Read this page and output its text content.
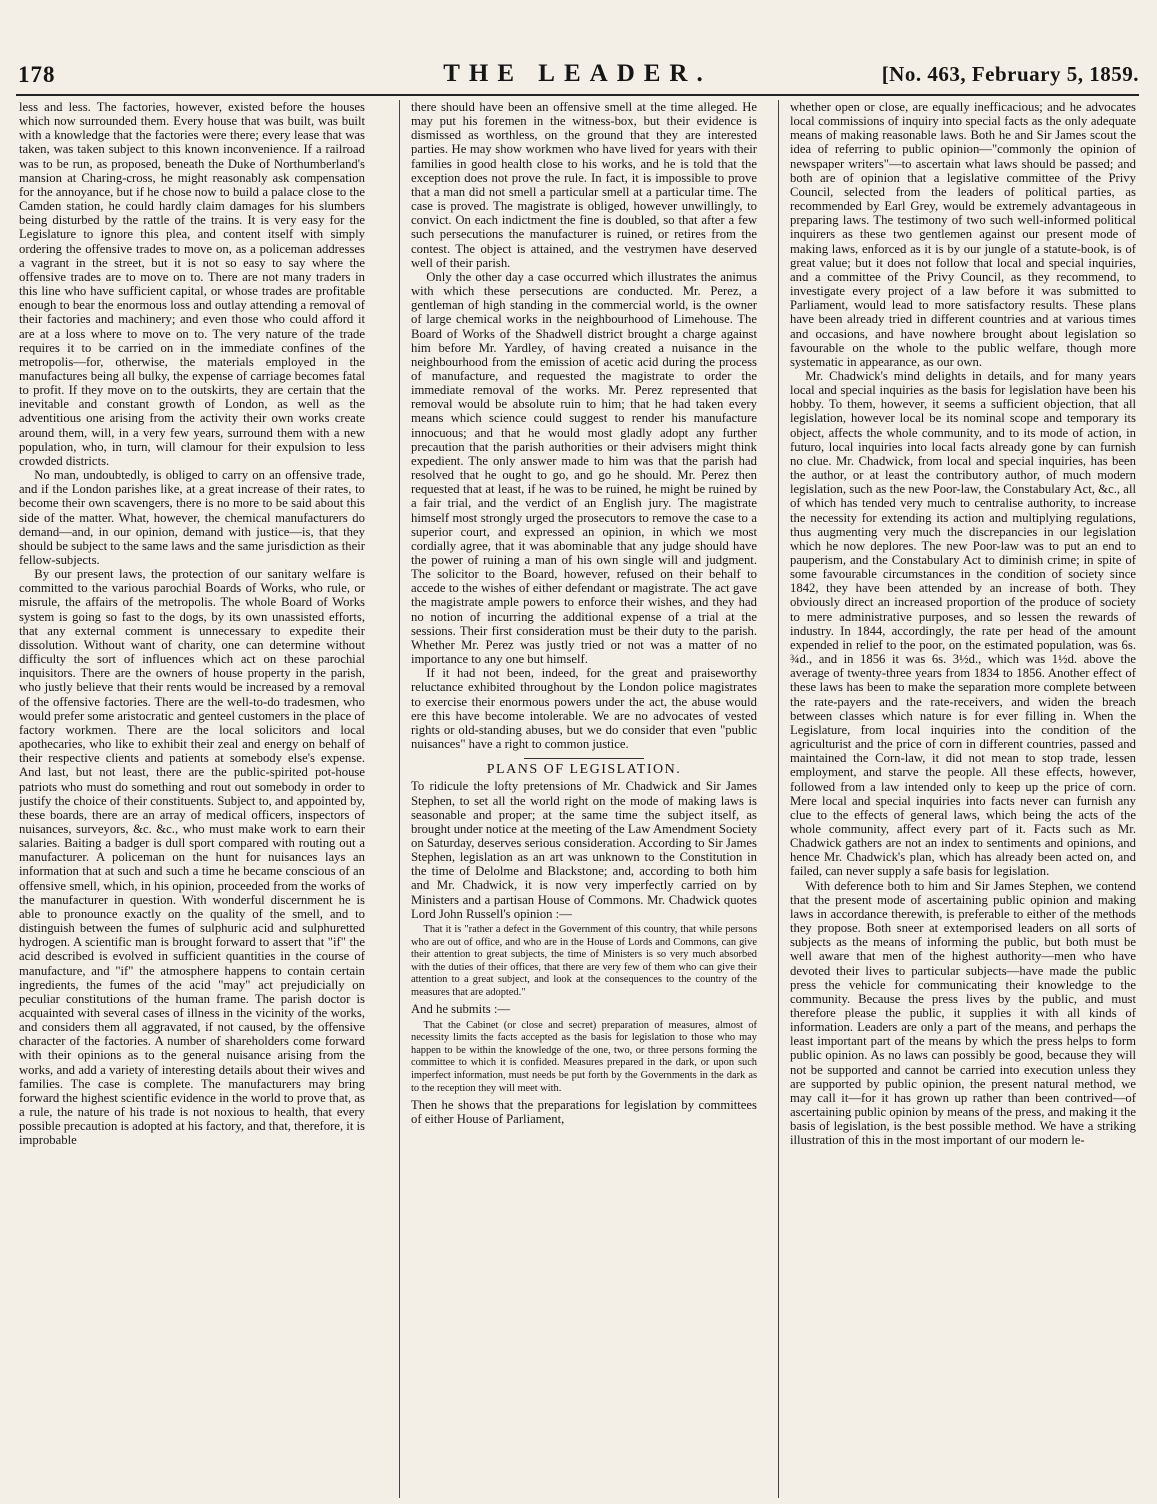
178	THE LEADER.	[No. 463, February 5, 1859.

less and less. The factories, however, existed before the houses which now surrounded them. Every house that was built, was built with a knowledge that the factories were there; every lease that was taken, was taken subject to this known inconvenience. If a railroad was to be run, as proposed, beneath the Duke of Northumberland's mansion at Charing-cross, he might reasonably ask compensation for the annoyance, but if he chose now to build a palace close to the Camden station, he could hardly claim damages for his slumbers being disturbed by the rattle of the trains. It is very easy for the Legislature to ignore this plea, and content itself with simply ordering the offensive trades to move on, as a policeman addresses a vagrant in the street, but it is not so easy to say where the offensive trades are to move on to. There are not many traders in this line who have sufficient capital, or whose trades are profitable enough to bear the enormous loss and outlay attending a removal of their factories and machinery; and even those who could afford it are at a loss where to move on to. The very nature of the trade requires it to be carried on in the immediate confines of the metropolis—for, otherwise, the materials employed in the manufactures being all bulky, the expense of carriage becomes fatal to profit. If they move on to the outskirts, they are certain that the inevitable and constant growth of London, as well as the adventitious one arising from the activity their own works create around them, will, in a very few years, surround them with a new population, who, in turn, will clamour for their expulsion to less crowded districts.

No man, undoubtedly, is obliged to carry on an offensive trade, and if the London parishes like, at a great increase of their rates, to become their own scavengers, there is no more to be said about this side of the matter. What, however, the chemical manufacturers do demand—and, in our opinion, demand with justice—is, that they should be subject to the same laws and the same jurisdiction as their fellow-subjects.

By our present laws, the protection of our sanitary welfare is committed to the various parochial Boards of Works, who rule, or misrule, the affairs of the metropolis. The whole Board of Works system is going so fast to the dogs, by its own unassisted efforts, that any external comment is unnecessary to expedite their dissolution. Without want of charity, one can determine without difficulty the sort of influences which act on these parochial inquisitors. There are the owners of house property in the parish, who justly believe that their rents would be increased by a removal of the offensive factories. There are the well-to-do tradesmen, who would prefer some aristocratic and genteel customers in the place of factory workmen. There are the local solicitors and local apothecaries, who like to exhibit their zeal and energy on behalf of their respective clients and patients at somebody else's expense. And last, but not least, there are the public-spirited pot-house patriots who must do something and rout out somebody in order to justify the choice of their constituents. Subject to, and appointed by, these boards, there are an array of medical officers, inspectors of nuisances, surveyors, &c. &c., who must make work to earn their salaries. Baiting a badger is dull sport compared with routing out a manufacturer. A policeman on the hunt for nuisances lays an information that at such and such a time he became conscious of an offensive smell, which, in his opinion, proceeded from the works of the manufacturer in question. With wonderful discernment he is able to pronounce exactly on the quality of the smell, and to distinguish between the fumes of sulphuric acid and sulphuretted hydrogen. A scientific man is brought forward to assert that "if" the acid described is evolved in sufficient quantities in the course of manufacture, and "if" the atmosphere happens to contain certain ingredients, the fumes of the acid "may" act prejudicially on peculiar constitutions of the human frame. The parish doctor is acquainted with several cases of illness in the vicinity of the works, and considers them all aggravated, if not caused, by the offensive character of the factories. A number of shareholders come forward with their opinions as to the general nuisance arising from the works, and add a variety of interesting details about their wives and families. The case is complete. The manufacturers may bring forward the highest scientific evidence in the world to prove that, as a rule, the nature of his trade is not noxious to health, that every possible precaution is adopted at his factory, and that, therefore, it is improbable

there should have been an offensive smell at the time alleged. He may put his foremen in the witness-box, but their evidence is dismissed as worthless, on the ground that they are interested parties. He may show workmen who have lived for years with their families in good health close to his works, and he is told that the exception does not prove the rule. In fact, it is impossible to prove that a man did not smell a particular smell at a particular time. The case is proved. The magistrate is obliged, however unwillingly, to convict. On each indictment the fine is doubled, so that after a few such persecutions the manufacturer is ruined, or retires from the contest. The object is attained, and the vestrymen have deserved well of their parish.

Only the other day a case occurred which illustrates the animus with which these persecutions are conducted. Mr. Perez, a gentleman of high standing in the commercial world, is the owner of large chemical works in the neighbourhood of Limehouse. The Board of Works of the Shadwell district brought a charge against him before Mr. Yardley, of having created a nuisance in the neighbourhood from the emission of acetic acid during the process of manufacture, and requested the magistrate to order the immediate removal of the works. Mr. Perez represented that removal would be absolute ruin to him; that he had taken every means which science could suggest to render his manufacture innocuous; and that he would most gladly adopt any further precaution that the parish authorities or their advisers might think expedient. The only answer made to him was that the parish had resolved that he ought to go, and go he should. Mr. Perez then requested that at least, if he was to be ruined, he might be ruined by a fair trial, and the verdict of an English jury. The magistrate himself most strongly urged the prosecutors to remove the case to a superior court, and expressed an opinion, in which we most cordially agree, that it was abominable that any judge should have the power of ruining a man of his own single will and judgment. The solicitor to the Board, however, refused on their behalf to accede to the wishes of either defendant or magistrate. The act gave the magistrate ample powers to enforce their wishes, and they had no notion of incurring the additional expense of a trial at the sessions. Their first consideration must be their duty to the parish. Whether Mr. Perez was justly tried or not was a matter of no importance to any one but himself.

If it had not been, indeed, for the great and praiseworthy reluctance exhibited throughout by the London police magistrates to exercise their enormous powers under the act, the abuse would ere this have become intolerable. We are no advocates of vested rights or old-standing abuses, but we do consider that even "public nuisances" have a right to common justice.

PLANS OF LEGISLATION.

To ridicule the lofty pretensions of Mr. Chadwick and Sir James Stephen, to set all the world right on the mode of making laws is seasonable and proper; at the same time the subject itself, as brought under notice at the meeting of the Law Amendment Society on Saturday, deserves serious consideration. According to Sir James Stephen, legislation as an art was unknown to the Constitution in the time of Delolme and Blackstone; and, according to both him and Mr. Chadwick, it is now very imperfectly carried on by Ministers and a partisan House of Commons. Mr. Chadwick quotes Lord John Russell's opinion :—

That it is "rather a defect in the Government of this country, that while persons who are out of office, and who are in the House of Lords and Commons, can give their attention to great subjects, the time of Ministers is so very much absorbed with the duties of their offices, that there are very few of them who can give their attention to a great subject, and look at the consequences to the country of the measures that are adopted."

And he submits :—

That the Cabinet (or close and secret) preparation of measures, almost of necessity limits the facts accepted as the basis for legislation to those who may happen to be within the knowledge of the one, two, or three persons forming the committee to which it is confided. Measures prepared in the dark, or upon such imperfect information, must needs be put forth by the Governments in the dark as to the reception they will meet with.

Then he shows that the preparations for legislation by committees of either House of Parliament,

whether open or close, are equally inefficacious; and he advocates local commissions of inquiry into special facts as the only adequate means of making reasonable laws. Both he and Sir James scout the idea of referring to public opinion—"commonly the opinion of newspaper writers"—to ascertain what laws should be passed; and both are of opinion that a legislative committee of the Privy Council, selected from the leaders of political parties, as recommended by Earl Grey, would be extremely advantageous in preparing laws. The testimony of two such well-informed political inquirers as these two gentlemen against our present mode of making laws, enforced as it is by our jungle of a statute-book, is of great value; but it does not follow that local and special inquiries, and a committee of the Privy Council, as they recommend, to investigate every project of a law before it was submitted to Parliament, would lead to more satisfactory results. These plans have been already tried in different countries and at various times and occasions, and have nowhere brought about legislation so favourable on the whole to the public welfare, though more systematic in appearance, as our own.

Mr. Chadwick's mind delights in details, and for many years local and special inquiries as the basis for legislation have been his hobby. To them, however, it seems a sufficient objection, that all legislation, however local be its nominal scope and temporary its object, affects the whole community, and to its mode of action, in futuro, local inquiries into local facts already gone by can furnish no clue. Mr. Chadwick, from local and special inquiries, has been the author, or at least the contributory author, of much modern legislation, such as the new Poor-law, the Constabulary Act, &c., all of which has tended very much to centralise authority, to increase the necessity for extending its action and multiplying regulations, thus augmenting very much the discrepancies in our legislation which he now deplores. The new Poor-law was to put an end to pauperism, and the Constabulary Act to diminish crime; in spite of some favourable circumstances in the condition of society since 1842, they have been attended by an increase of both. They obviously direct an increased proportion of the produce of society to mere administrative purposes, and so lessen the rewards of industry. In 1844, accordingly, the rate per head of the amount expended in relief to the poor, on the estimated population, was 6s. ¾d., and in 1856 it was 6s. 3½d., which was 1½d. above the average of twenty-three years from 1834 to 1856. Another effect of these laws has been to make the separation more complete between the rate-payers and the rate-receivers, and widen the breach between classes which nature is for ever filling in. When the Legislature, from local inquiries into the condition of the agriculturist and the price of corn in different countries, passed and maintained the Corn-law, it did not mean to stop trade, lessen employment, and starve the people. All these effects, however, followed from a law intended only to keep up the price of corn. Mere local and special inquiries into facts never can furnish any clue to the effects of general laws, which being the acts of the whole community, affect every part of it. Facts such as Mr. Chadwick gathers are not an index to sentiments and opinions, and hence Mr. Chadwick's plan, which has already been acted on, and failed, can never supply a safe basis for legislation.

With deference both to him and Sir James Stephen, we contend that the present mode of ascertaining public opinion and making laws in accordance therewith, is preferable to either of the methods they propose. Both sneer at extemporised leaders on all sorts of subjects as the means of informing the public, but both must be well aware that men of the highest authority—men who have devoted their lives to particular subjects—have made the public press the vehicle for communicating their knowledge to the community. Because the press lives by the public, and must therefore please the public, it supplies it with all kinds of information. Leaders are only a part of the means, and perhaps the least important part of the means by which the press helps to form public opinion. As no laws can possibly be good, because they will not be supported and cannot be carried into execution unless they are supported by public opinion, the present natural method, we may call it—for it has grown up rather than been contrived—of ascertaining public opinion by means of the press, and making it the basis of legislation, is the best possible method. We have a striking illustration of this in the most important of our modern le-
